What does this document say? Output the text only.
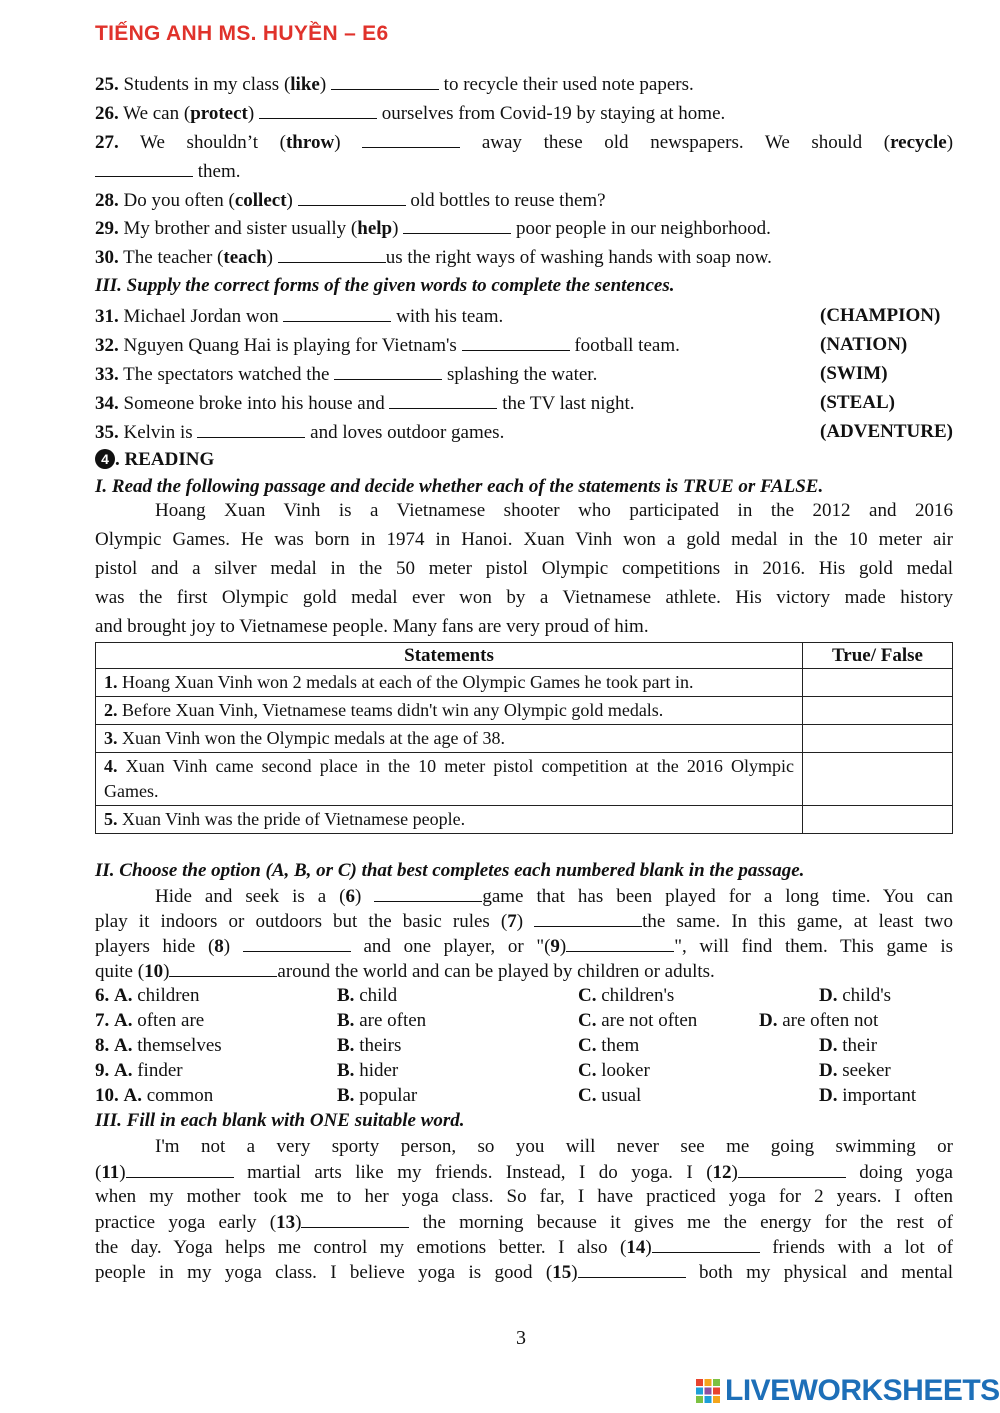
TIẾNG ANH MS. HUYỀN – E6
25. Students in my class (like)	to recycle their used note papers.
26. We can (protect)	ourselves from Covid-19 by staying at home.
27. We shouldn’t (throw)	away these old newspapers. We should (recycle)
them.
28. Do you often (collect)	old bottles to reuse them?
29. My brother and sister usually (help)	poor people in our neighborhood.
30. The teacher (teach)	us the right ways of washing hands with soap now.
III. Supply the correct forms of the given words to complete the sentences.
31. Michael Jordan won	with his team.	(CHAMPION)
32. Nguyen Quang Hai is playing for Vietnam's	football team.	(NATION)
33. The spectators watched the	splashing the water.	(SWIM)
34. Someone broke into his house and	the TV last night.	(STEAL)
35. Kelvin is	and loves outdoor games.	(ADVENTURE)
4 . READING
I. Read the following passage and decide whether each of the statements is TRUE or FALSE.
Hoang Xuan Vinh is a Vietnamese shooter who participated in the 2012 and 2016
Olympic Games. He was born in 1974 in Hanoi. Xuan Vinh won a gold medal in the 10 meter air
pistol and a silver medal in the 50 meter pistol Olympic competitions in 2016. His gold medal
was the first Olympic gold medal ever won by a Vietnamese athlete. His victory made history
and brought joy to Vietnamese people. Many fans are very proud of him.
Statements	True/ False
1. Hoang Xuan Vinh won 2 medals at each of the Olympic Games he took part in.	
2. Before Xuan Vinh, Vietnamese teams didn't win any Olympic gold medals.	
3. Xuan Vinh won the Olympic medals at the age of 38.	
4. Xuan Vinh came second place in the 10 meter pistol competition at the 2016 Olympic Games.	
5. Xuan Vinh was the pride of Vietnamese people.	
II. Choose the option (A, B, or C) that best completes each numbered blank in the passage.
Hide and seek is a (6)	game that has been played for a long time. You can
play it indoors or outdoors but the basic rules (7)	the same. In this game, at least two
players hide (8)	and one player, or "(9)	", will find them. This game is
quite (10)	around the world and can be played by children or adults.
6. A. children	B. child	C. children's	D. child's
7. A. often are	B. are often	C. are not often	D. are often not
8. A. themselves	B. theirs	C. them	D. their
9. A. finder	B. hider	C. looker	D. seeker
10. A. common	B. popular	C. usual	D. important
III. Fill in each blank with ONE suitable word.
I'm not a very sporty person, so you will never see me going swimming or
(11)	martial arts like my friends. Instead, I do yoga. I (12)	doing yoga
when my mother took me to her yoga class. So far, I have practiced yoga for 2 years. I often
practice yoga early (13)	the morning because it gives me the energy for the rest of
the day. Yoga helps me control my emotions better. I also (14)	friends with a lot of
people in my yoga class. I believe yoga is good (15)	both my physical and mental
3
LIVEWORKSHEETS
